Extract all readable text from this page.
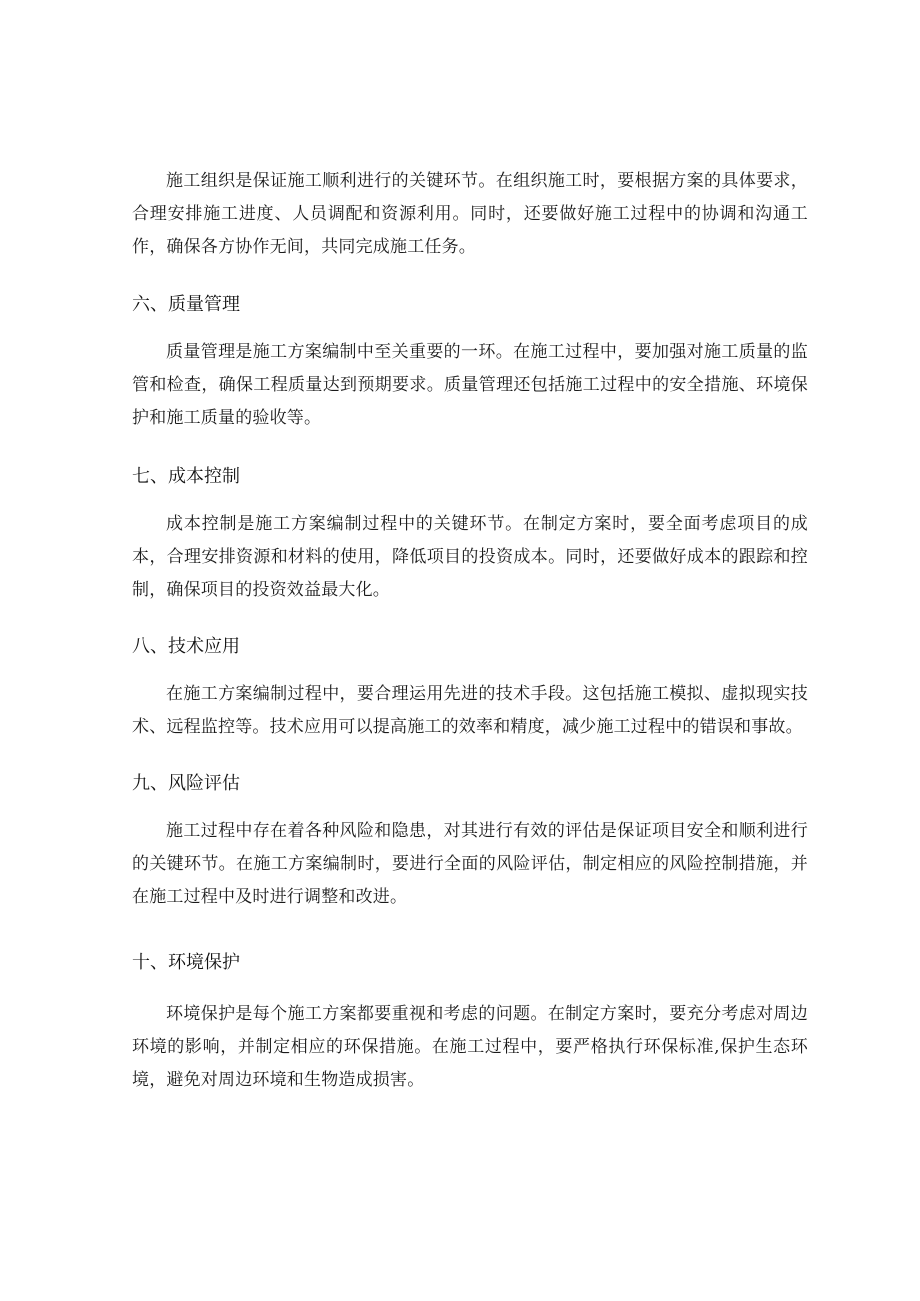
施工组织是保证施工顺利进行的关键环节。在组织施工时，要根据方案的具体要求，合理安排施工进度、人员调配和资源利用。同时，还要做好施工过程中的协调和沟通工作，确保各方协作无间，共同完成施工任务。

六、质量管理

质量管理是施工方案编制中至关重要的一环。在施工过程中，要加强对施工质量的监管和检查，确保工程质量达到预期要求。质量管理还包括施工过程中的安全措施、环境保护和施工质量的验收等。

七、成本控制

成本控制是施工方案编制过程中的关键环节。在制定方案时，要全面考虑项目的成本，合理安排资源和材料的使用，降低项目的投资成本。同时，还要做好成本的跟踪和控制，确保项目的投资效益最大化。

八、技术应用

在施工方案编制过程中，要合理运用先进的技术手段。这包括施工模拟、虚拟现实技术、远程监控等。技术应用可以提高施工的效率和精度，减少施工过程中的错误和事故。

九、风险评估

施工过程中存在着各种风险和隐患，对其进行有效的评估是保证项目安全和顺利进行的关键环节。在施工方案编制时，要进行全面的风险评估，制定相应的风险控制措施，并在施工过程中及时进行调整和改进。

十、环境保护

环境保护是每个施工方案都要重视和考虑的问题。在制定方案时，要充分考虑对周边环境的影响，并制定相应的环保措施。在施工过程中，要严格执行环保标准,保护生态环境，避免对周边环境和生物造成损害。
